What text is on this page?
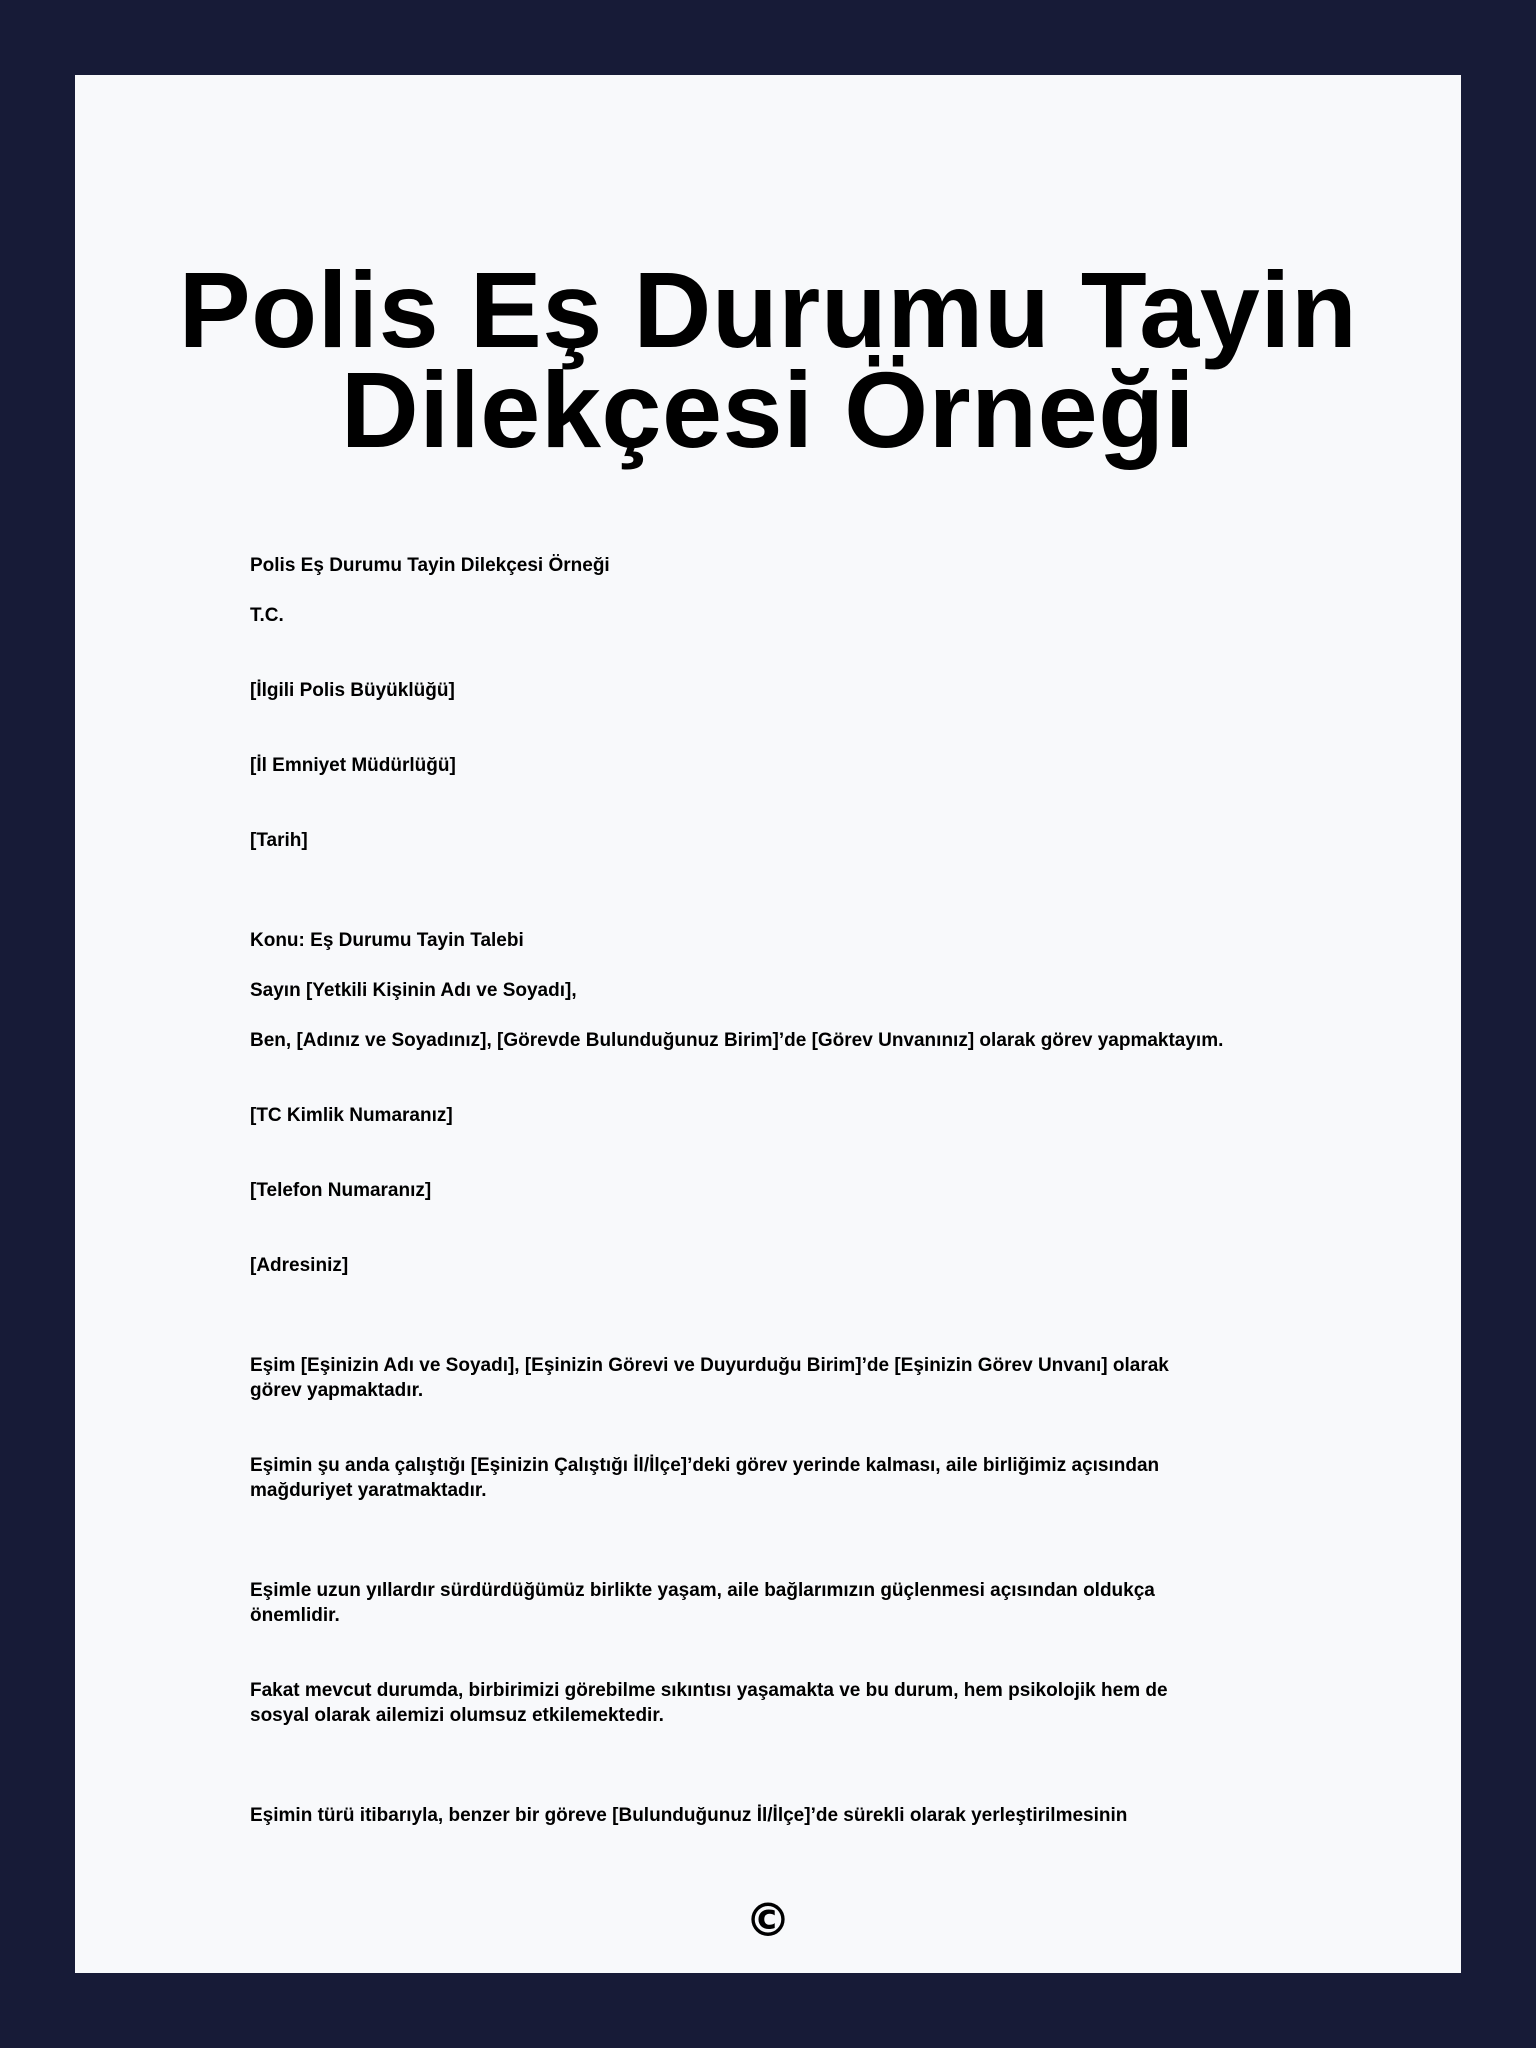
Polis Eş Durumu Tayin
Dilekçesi Örneği

Polis Eş Durumu Tayin Dilekçesi Örneği

T.C.

[İlgili Polis Büyüklüğü]

[İl Emniyet Müdürlüğü]

[Tarih]

Konu: Eş Durumu Tayin Talebi

Sayın [Yetkili Kişinin Adı ve Soyadı],

Ben, [Adınız ve Soyadınız], [Görevde Bulunduğunuz Birim]’de [Görev Unvanınız] olarak görev yapmaktayım.

[TC Kimlik Numaranız]

[Telefon Numaranız]

[Adresiniz]

Eşim [Eşinizin Adı ve Soyadı], [Eşinizin Görevi ve Duyurduğu Birim]’de [Eşinizin Görev Unvanı] olarak
görev yapmaktadır.

Eşimin şu anda çalıştığı [Eşinizin Çalıştığı İl/İlçe]’deki görev yerinde kalması, aile birliğimiz açısından
mağduriyet yaratmaktadır.

Eşimle uzun yıllardır sürdürdüğümüz birlikte yaşam, aile bağlarımızın güçlenmesi açısından oldukça
önemlidir.

Fakat mevcut durumda, birbirimizi görebilme sıkıntısı yaşamakta ve bu durum, hem psikolojik hem de
sosyal olarak ailemizi olumsuz etkilemektedir.

Eşimin türü itibarıyla, benzer bir göreve [Bulunduğunuz İl/İlçe]’de sürekli olarak yerleştirilmesinin

©
